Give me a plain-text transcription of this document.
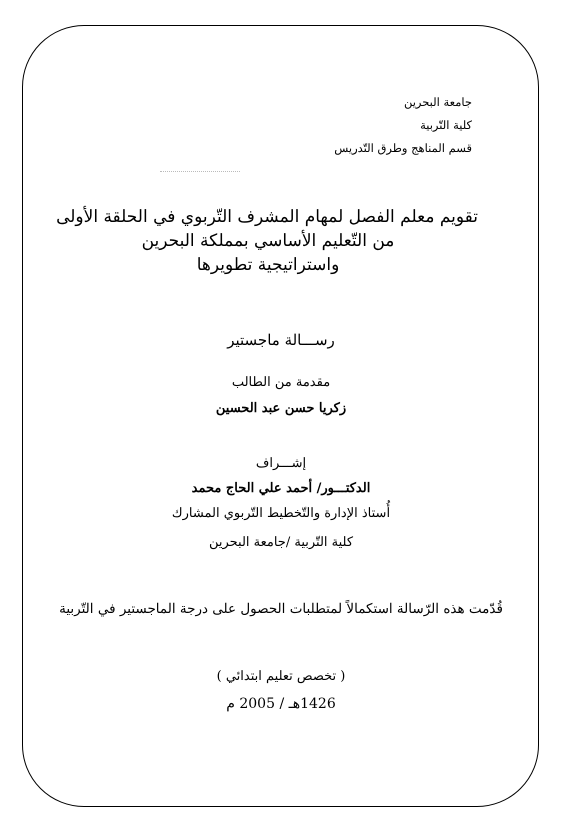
جامعة البحرين
كلية التّربية
قسم المناهج وطرق التّدريس
تقويم معلم الفصل لمهام المشرف التّربوي في الحلقة الأولى
من التّعليم الأساسي بمملكة البحرين
واستراتيجية تطويرها
رســـالة ماجستير
مقدمة من الطالب
زكريا حسن عبد الحسين
إشـــراف
الدكتـــور/ أحمد علي الحاج محمد
أُستاذ الإدارة والتّخطيط التّربوي المشارك
كلية التّربية /جامعة البحرين
قُدّمت هذه الرّسالة استكمالاً لمتطلبات الحصول على درجة الماجستير في التّربية
( تخصص تعليم ابتدائي )
1426هـ / 2005 م
